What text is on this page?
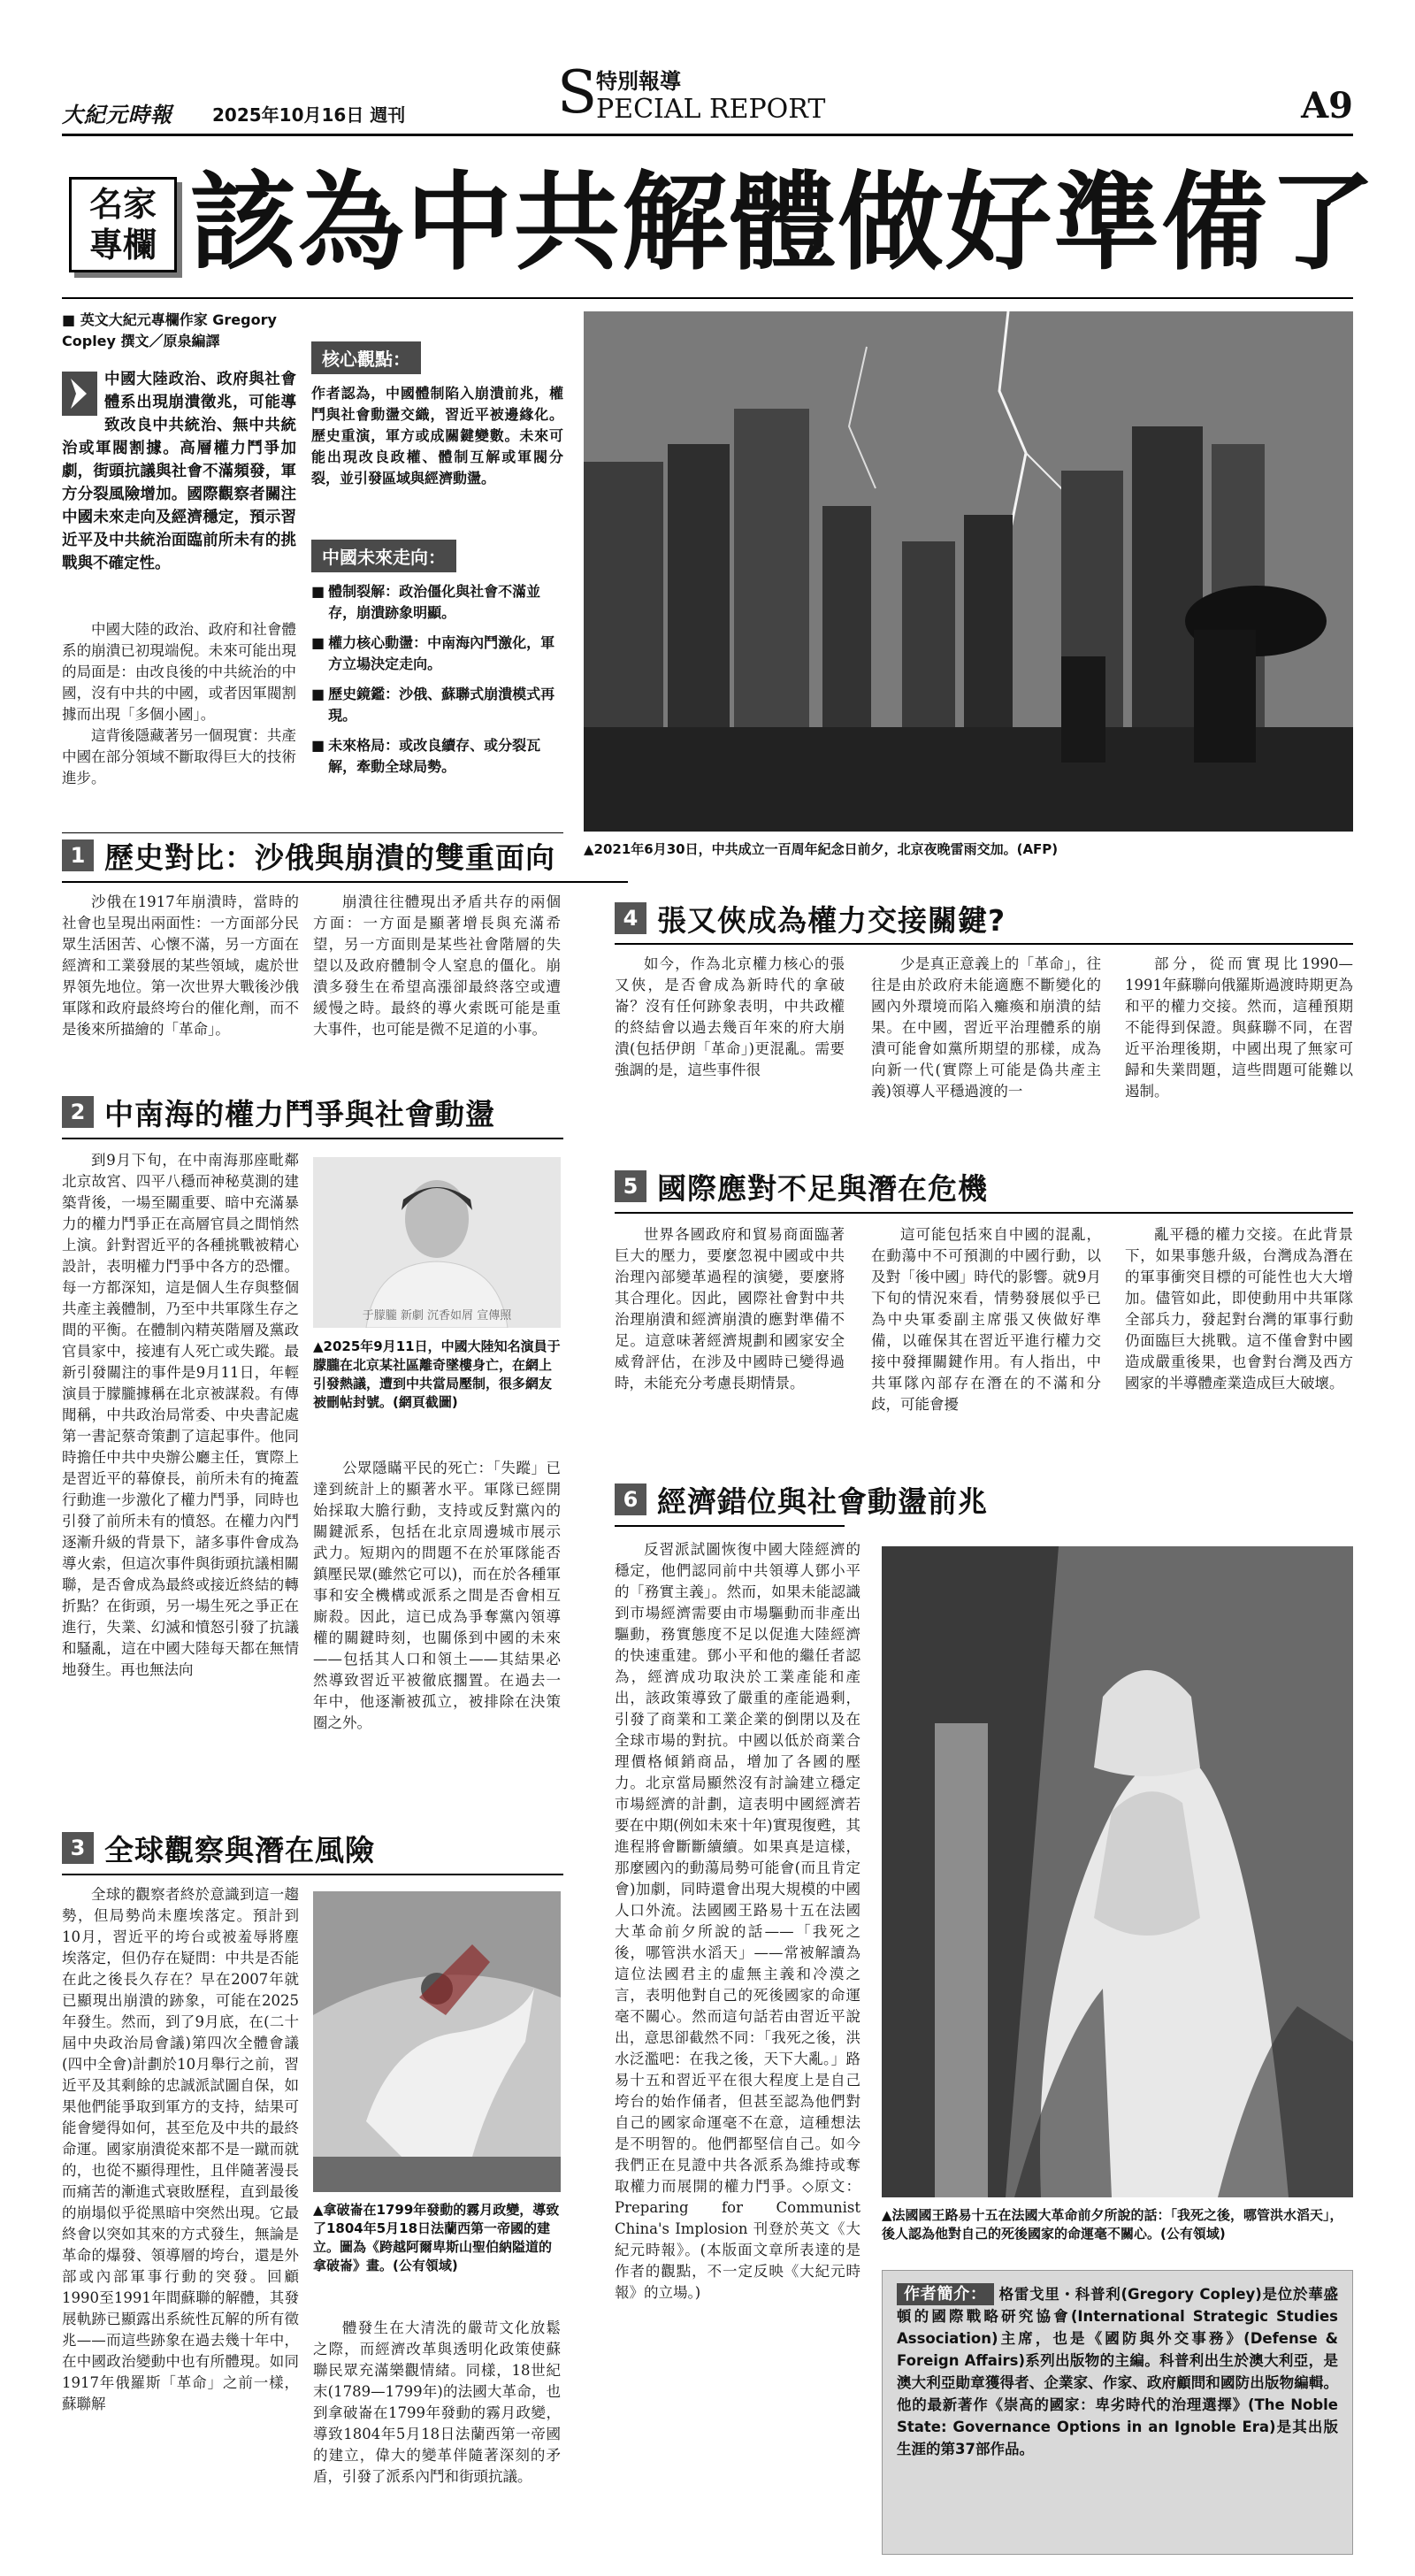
大紀元時報 2025年10月16日 週刊	S
特別報導
PECIAL REPORT	A9
名家
專欄 該為中共解體做好準備了
■ 英文大紀元專欄作家 Gregory Copley 撰文／原泉編譯
中國大陸政治、政府與社會體系出現崩潰徵兆，可能導致改良中共統治、無中共統治或軍閥割據。高層權力鬥爭加劇，街頭抗議與社會不滿頻發，軍方分裂風險增加。國際觀察者關注中國未來走向及經濟穩定，預示習近平及中共統治面臨前所未有的挑戰與不確定性。

中國大陸的政治、政府和社會體系的崩潰已初現端倪。未來可能出現的局面是：由改良後的中共統治的中國，沒有中共的中國，或者因軍閥割據而出現「多個小國」。

這背後隱藏著另一個現實：共產中國在部分領域不斷取得巨大的技術進步。

核心觀點：
作者認為，中國體制陷入崩潰前兆，權鬥與社會動盪交織，習近平被邊緣化。歷史重演，軍方或成關鍵變數。未來可能出現改良政權、體制互解或軍閥分裂，並引發區域與經濟動盪。
中國未來走向：
■ 體制裂解：政治僵化與社會不滿並存，崩潰跡象明顯。
■ 權力核心動盪：中南海內鬥激化，軍方立場決定走向。
■ 歷史鏡鑑：沙俄、蘇聯式崩潰模式再現。
■ 未來格局：或改良續存、或分裂瓦解，牽動全球局勢。
▲2021年6月30日，中共成立一百周年紀念日前夕，北京夜晚雷雨交加。(AFP)
1 歷史對比：沙俄與崩潰的雙重面向
沙俄在1917年崩潰時，當時的社會也呈現出兩面性：一方面部分民眾生活困苦、心懷不滿，另一方面在經濟和工業發展的某些領域，處於世界領先地位。第一次世界大戰後沙俄軍隊和政府最終垮台的催化劑，而不是後來所描繪的「革命」。
崩潰往往體現出矛盾共存的兩個方面：一方面是顯著增長與充滿希望，另一方面則是某些社會階層的失望以及政府體制令人窒息的僵化。崩潰多發生在希望高漲卻最終落空或遭緩慢之時。最終的導火索既可能是重大事件，也可能是微不足道的小事。
2 中南海的權力鬥爭與社會動盪
到9月下旬，在中南海那座毗鄰北京故宮、四平八穩而神秘莫測的建築背後，一場至關重要、暗中充滿暴力的權力鬥爭正在高層官員之間悄然上演。針對習近平的各種挑戰被精心設計，表明權力鬥爭中各方的恐懼。每一方都深知，這是個人生存與整個共產主義體制，乃至中共軍隊生存之間的平衡。在體制內精英階層及黨政官員家中，接連有人死亡或失蹤。最新引發關注的事件是9月11日，年輕演員于朦朧據稱在北京被謀殺。有傳聞稱，中共政治局常委、中央書記處第一書記蔡奇策劃了這起事件。他同時擔任中共中央辦公廳主任，實際上是習近平的幕僚長，前所未有的掩蓋行動進一步激化了權力鬥爭，同時也引發了前所未有的憤怒。在權力內鬥逐漸升級的背景下，諸多事件會成為導火索，但這次事件與街頭抗議相關聯，是否會成為最終或接近終結的轉折點？在街頭，另一場生死之爭正在進行，失業、幻滅和憤怒引發了抗議和騷亂，這在中國大陸每天都在無情地發生。再也無法向
于朦朧 新劇 沉香如屑 宣傳照
▲2025年9月11日，中國大陸知名演員于朦朧在北京某社區離奇墜樓身亡，在網上引發熱議，遭到中共當局壓制，很多網友被刪帖封號。(網頁截圖)
公眾隱瞞平民的死亡：「失蹤」已達到統計上的顯著水平。軍隊已經開始採取大膽行動，支持或反對黨內的關鍵派系，包括在北京周邊城市展示武力。短期內的問題不在於軍隊能否鎮壓民眾(雖然它可以)，而在於各種軍事和安全機構或派系之間是否會相互廝殺。因此，這已成為爭奪黨內領導權的關鍵時刻，也關係到中國的未來——包括其人口和領土——其結果必然導致習近平被徹底擱置。在過去一年中，他逐漸被孤立，被排除在決策圈之外。
3 全球觀察與潛在風險
全球的觀察者終於意識到這一趨勢，但局勢尚未塵埃落定。預計到10月，習近平的垮台或被羞辱將塵埃落定，但仍存在疑問：中共是否能在此之後長久存在？早在2007年就已顯現出崩潰的跡象，可能在2025年發生。然而，到了9月底，在(二十屆中央政治局會議)第四次全體會議(四中全會)計劃於10月舉行之前，習近平及其剩餘的忠誠派試圖自保，如果他們能爭取到軍方的支持，結果可能會變得如何，甚至危及中共的最終命運。國家崩潰從來都不是一蹴而就的，也從不顯得理性，且伴隨著漫長而痛苦的漸進式衰敗歷程，直到最後的崩塌似乎從黑暗中突然出現。它最終會以突如其來的方式發生，無論是革命的爆發、領導層的垮台，還是外部或內部軍事行動的突發。回顧1990至1991年間蘇聯的解體，其發展軌跡已顯露出系統性瓦解的所有徵兆——而這些跡象在過去幾十年中，在中國政治變動中也有所體現。如同1917年俄羅斯「革命」之前一樣，蘇聯解
▲拿破崙在1799年發動的霧月政變，導致了1804年5月18日法蘭西第一帝國的建立。圖為《跨越阿爾卑斯山聖伯納隘道的拿破崙》畫。(公有領域)
體發生在大清洗的嚴苛文化放鬆之際，而經濟改革與透明化政策使蘇聯民眾充滿樂觀情緒。同樣，18世紀末(1789—1799年)的法國大革命，也到拿破崙在1799年發動的霧月政變，導致1804年5月18日法蘭西第一帝國的建立，偉大的變革伴隨著深刻的矛盾，引發了派系內鬥和街頭抗議。
4 張又俠成為權力交接關鍵?
如今，作為北京權力核心的張又俠，是否會成為新時代的拿破崙？沒有任何跡象表明，中共政權的終結會以過去幾百年來的府大崩潰(包括伊朗「革命」)更混亂。需要強調的是，這些事件很
少是真正意義上的「革命」，往往是由於政府未能適應不斷變化的國內外環境而陷入癱瘓和崩潰的結果。在中國，習近平治理體系的崩潰可能會如黨所期望的那樣，成為向新一代(實際上可能是偽共產主義)領導人平穩過渡的一
部分，從而實現比1990—1991年蘇聯向俄羅斯過渡時期更為和平的權力交接。然而，這種預期不能得到保證。與蘇聯不同，在習近平治理後期，中國出現了無家可歸和失業問題，這些問題可能難以遏制。
5 國際應對不足與潛在危機
世界各國政府和貿易商面臨著巨大的壓力，要麼忽視中國或中共治理內部變革過程的演變，要麼將其合理化。因此，國際社會對中共治理崩潰和經濟崩潰的應對準備不足。這意味著經濟規劃和國家安全威脅評估，在涉及中國時已變得過時，未能充分考慮長期情景。
這可能包括來自中國的混亂，在動蕩中不可預測的中國行動，以及對「後中國」時代的影響。就9月下旬的情況來看，情勢發展似乎已為中央軍委副主席張又俠做好準備，以確保其在習近平進行權力交接中發揮關鍵作用。有人指出，中共軍隊內部存在潛在的不滿和分歧，可能會擾
亂平穩的權力交接。在此背景下，如果事態升級，台灣成為潛在的軍事衝突目標的可能性也大大增加。儘管如此，即使動用中共軍隊全部兵力，發起對台灣的軍事行動仍面臨巨大挑戰。這不僅會對中國造成嚴重後果，也會對台灣及西方國家的半導體產業造成巨大破壞。
6 經濟錯位與社會動盪前兆
反習派試圖恢復中國大陸經濟的穩定，他們認同前中共領導人鄧小平的「務實主義」。然而，如果未能認識到市場經濟需要由市場驅動而非產出驅動，務實態度不足以促進大陸經濟的快速重建。鄧小平和他的繼任者認為，經濟成功取決於工業產能和產出，該政策導致了嚴重的產能過剩，引發了商業和工業企業的倒閉以及在全球市場的對抗。中國以低於商業合理價格傾銷商品，增加了各國的壓力。北京當局顯然沒有討論建立穩定市場經濟的計劃，這表明中國經濟若要在中期(例如未來十年)實現復甦，其進程將會斷斷續續。如果真是這樣，那麼國內的動蕩局勢可能會(而且肯定會)加劇，同時還會出現大規模的中國人口外流。法國國王路易十五在法國大革命前夕所說的話——「我死之後，哪管洪水滔天」——常被解讀為這位法國君主的虛無主義和冷漠之言，表明他對自己的死後國家的命運毫不關心。然而這句話若由習近平說出，意思卻截然不同：「我死之後，洪水泛濫吧：在我之後，天下大亂。」路易十五和習近平在很大程度上是自己垮台的始作俑者，但甚至認為他們對自己的國家命運毫不在意，這種想法是不明智的。他們都堅信自己。如今我們正在見證中共各派系為維持或奪取權力而展開的權力鬥爭。◇原文：Preparing for Communist China's Implosion 刊登於英文《大紀元時報》。(本版面文章所表達的是作者的觀點，不一定反映《大紀元時報》的立場。)
▲法國國王路易十五在法國大革命前夕所說的話：「我死之後，哪管洪水滔天」，後人認為他對自己的死後國家的命運毫不關心。(公有領域)
作者簡介： 格雷戈里・科普利(Gregory Copley)是位於華盛頓的國際戰略研究協會(International Strategic Studies Association)主席，也是《國防與外交事務》(Defense & Foreign Affairs)系列出版物的主編。科普利出生於澳大利亞，是澳大利亞勛章獲得者、企業家、作家、政府顧問和國防出版物編輯。他的最新著作《崇高的國家：卑劣時代的治理選擇》(The Noble State: Governance Options in an Ignoble Era)是其出版生涯的第37部作品。
